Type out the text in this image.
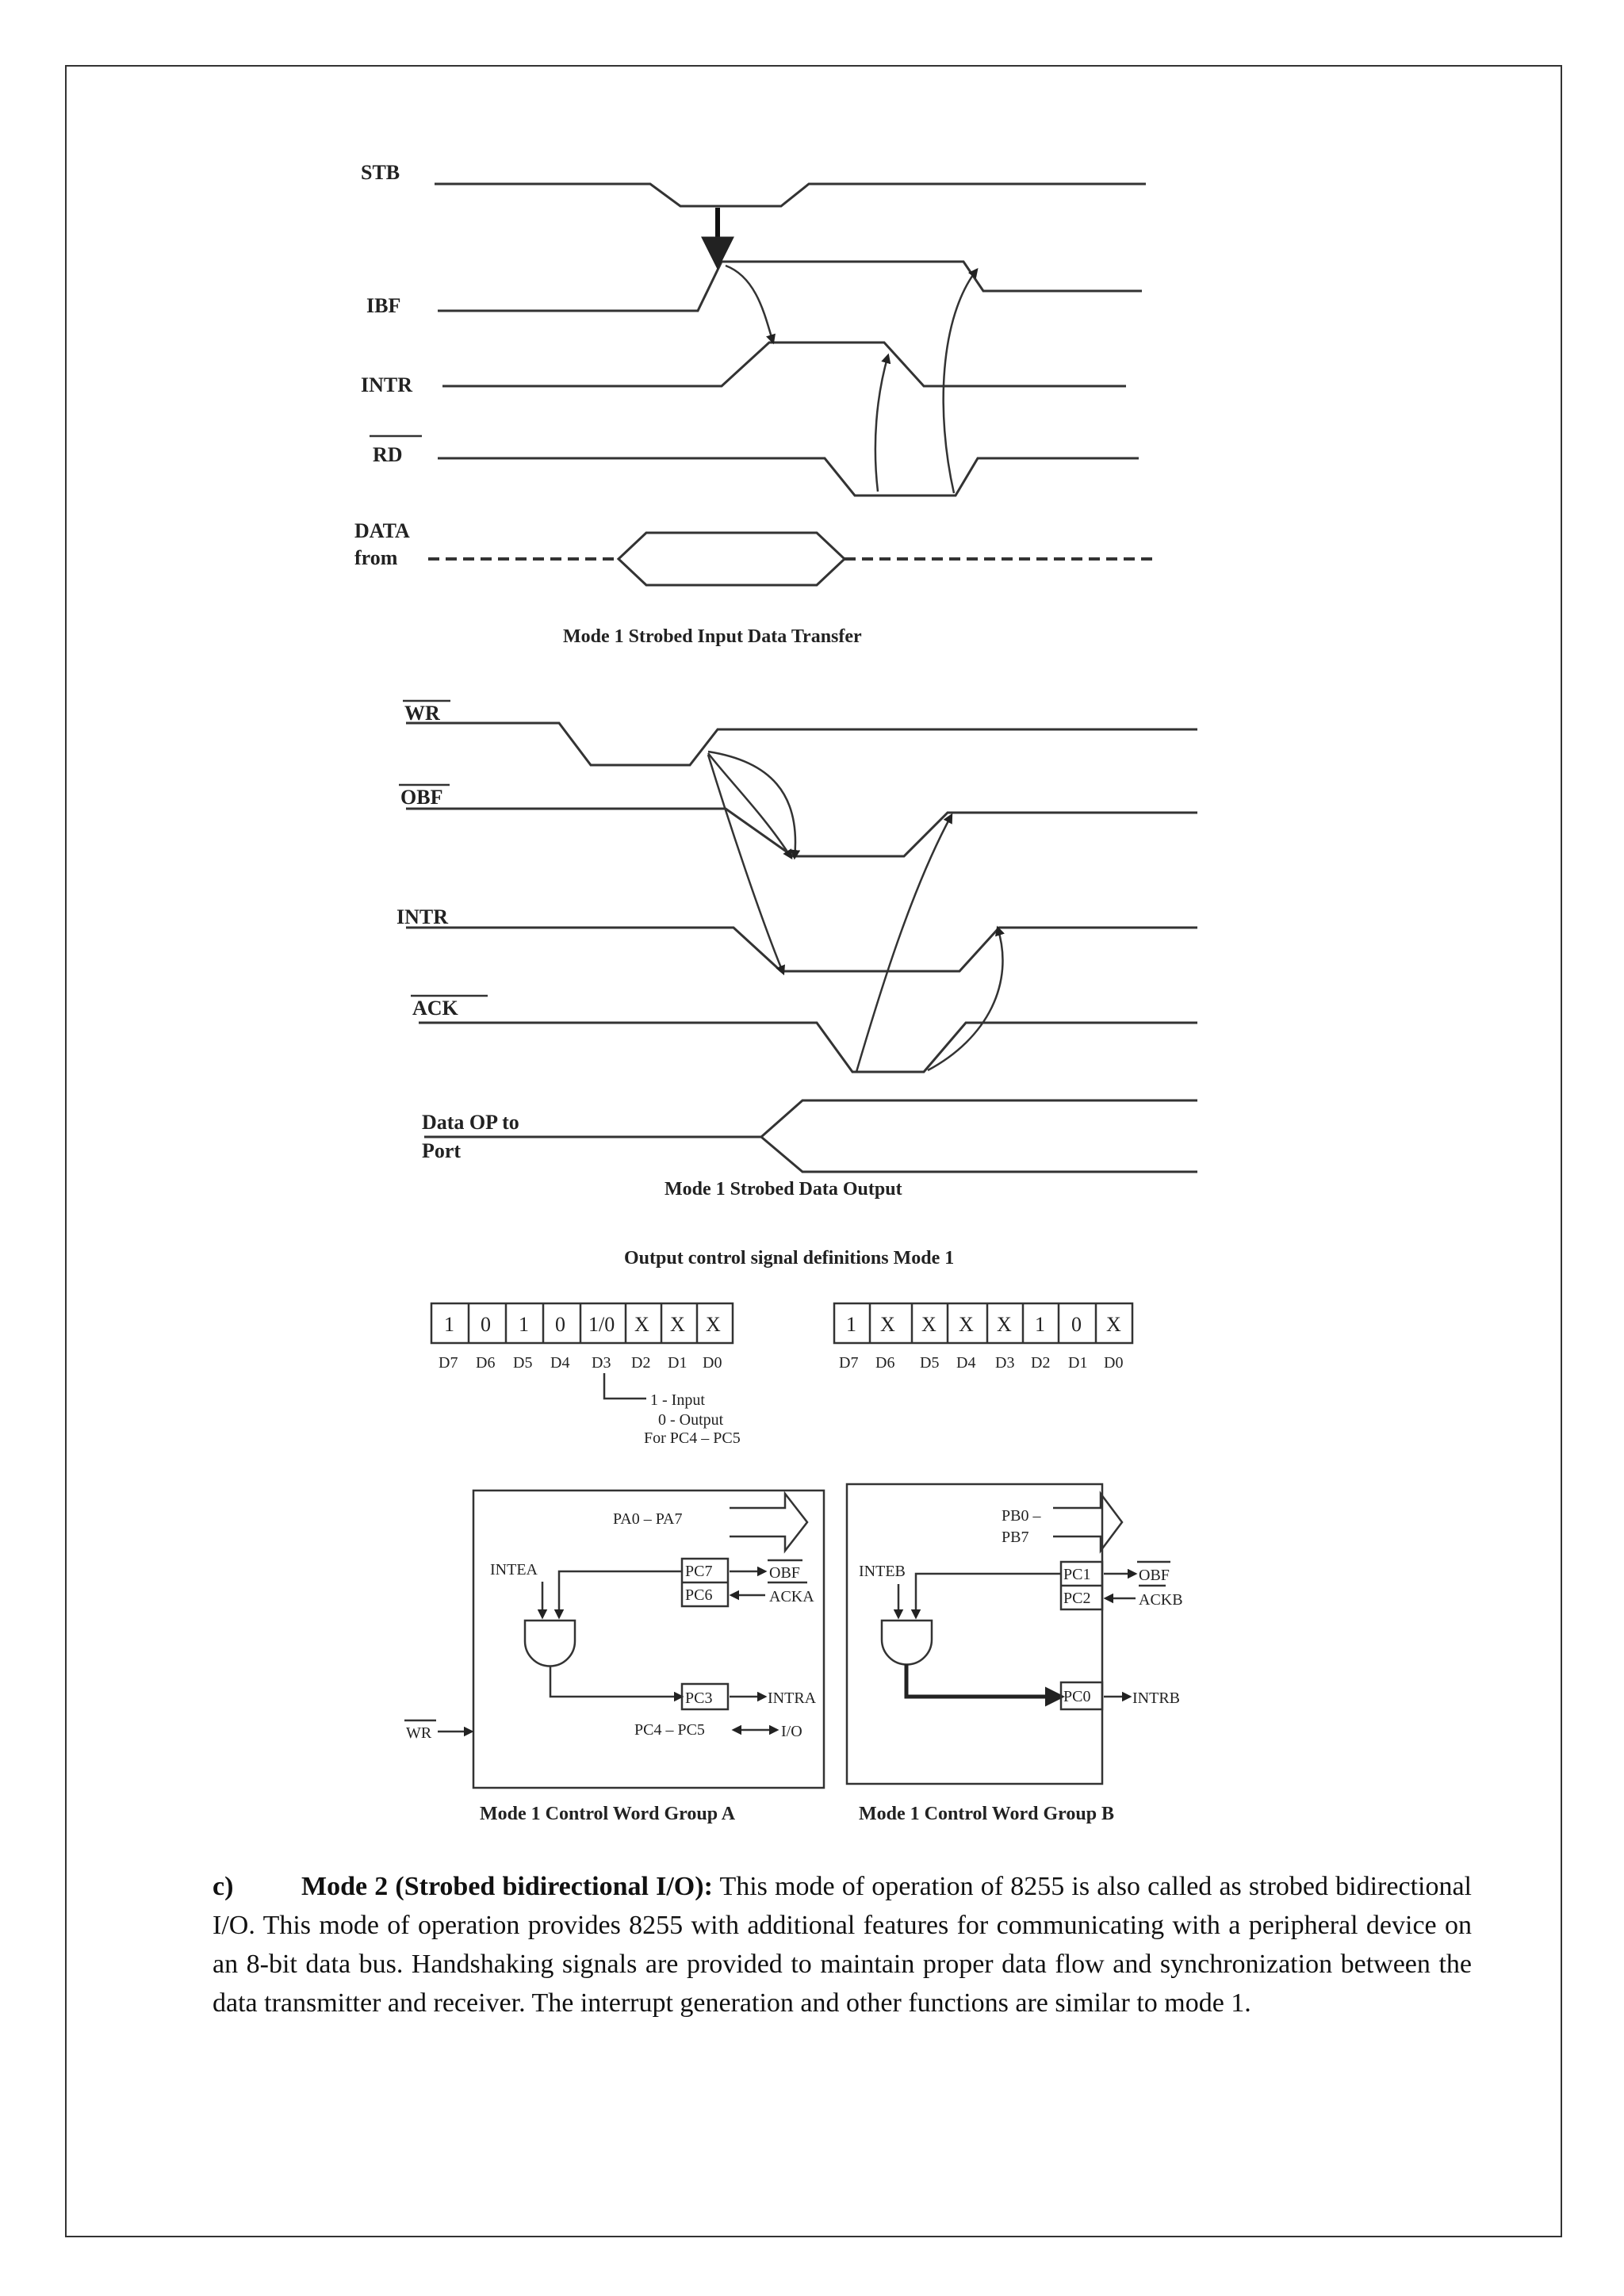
STB
IBF
INTR
RD
DATA
from
Mode 1 Strobed Input Data Transfer
WR
OBF
INTR
ACK
Data OP to
Port
Mode 1 Strobed Data Output
Output control signal definitions Mode 1
1 0 1 0 1/0 X X X
D7 D6 D5 D4 D3 D2 D1 D0
1 - Input
0 - Output
For PC4 – PC5
1 X X X X 1 0 X
D7 D6 D5 D4 D3 D2 D1 D0
PA0 – PA7
INTEA	PC7
PC6
OBF
ACKA
PC3	INTRA
PC4 – PC5	I/O
WR
Mode 1 Control Word Group A
PB0 –
PB7
INTEB	PC1
PC2
OBF
ACKB
PC0	INTRB
Mode 1 Control Word Group B
c)	Mode 2 (Strobed bidirectional I/O): This mode of operation of 8255 is also called as strobed bidirectional I/O. This mode of operation provides 8255 with additional features for communicating with a peripheral device on an 8-bit data bus. Handshaking signals are provided to maintain proper data flow and synchronization between the data transmitter and receiver. The interrupt generation and other functions are similar to mode 1.
